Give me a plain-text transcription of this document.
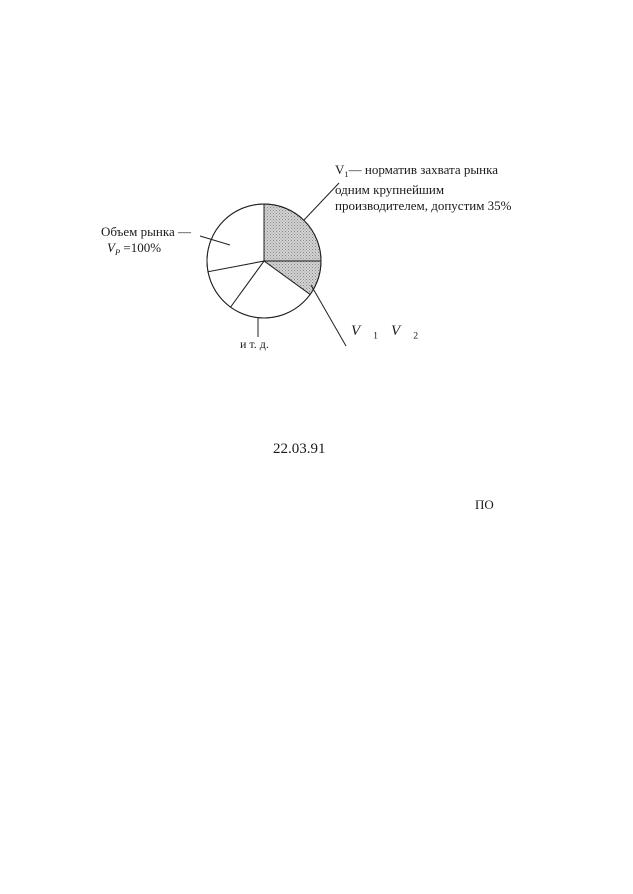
$V_1—$ норматив захвата рынка
одним крупнейшим
производителем, допустим 35%
Объем рынка —
$V_P =100\%$
и т. д.
V $_1$ V $_2$
22.03.91
ПО
